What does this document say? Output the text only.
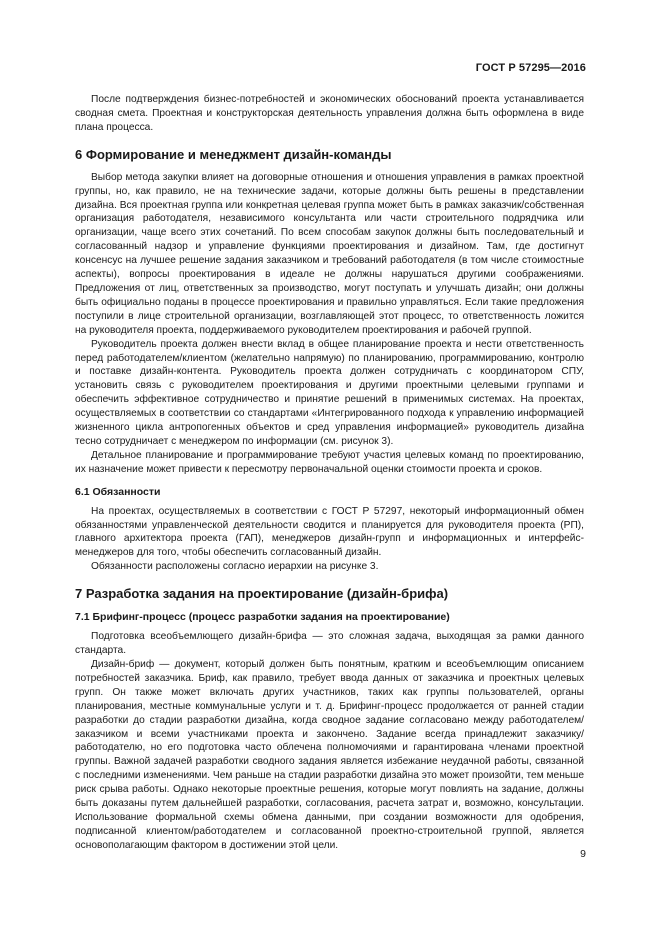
ГОСТ Р 57295—2016

После подтверждения бизнес-потребностей и экономических обоснований проекта устанавливается сводная смета. Проектная и конструкторская деятельность управления должна быть оформлена в виде плана процесса.

6 Формирование и менеджмент дизайн-команды

Выбор метода закупки влияет на договорные отношения и отношения управления в рамках проектной группы, но, как правило, не на технические задачи, которые должны быть решены в представлении дизайна. Вся проектная группа или конкретная целевая группа может быть в рамках заказчик/собственная организация работодателя, независимого консультанта или части строительного подрядчика или организации, чаще всего этих сочетаний. По всем способам закупок должны быть последовательный и согласованный надзор и управление функциями проектирования и дизайном. Там, где достигнут консенсус на лучшее решение задания заказчиком и требований работодателя (в том числе стоимостные аспекты), вопросы проектирования в идеале не должны нарушаться другими соображениями. Предложения от лиц, ответственных за производство, могут поступать и улучшать дизайн; они должны быть официально поданы в процессе проектирования и правильно управляться. Если такие предложения поступили в лице строительной организации, возглавляющей этот процесс, то ответственность ложится на руководителя проекта, поддерживаемого руководителем проектирования и рабочей группой.

Руководитель проекта должен внести вклад в общее планирование проекта и нести ответственность перед работодателем/клиентом (желательно напрямую) по планированию, программированию, контролю и поставке дизайн-контента. Руководитель проекта должен сотрудничать с координатором СПУ, установить связь с руководителем проектирования и другими проектными целевыми группами и обеспечить эффективное сотрудничество и принятие решений в применимых системах. На проектах, осуществляемых в соответствии со стандартами «Интегрированного подхода к управлению информацией жизненного цикла антропогенных объектов и сред управления информацией» руководитель дизайна тесно сотрудничает с менеджером по информации (см. рисунок 3).

Детальное планирование и программирование требуют участия целевых команд по проектированию, их назначение может привести к пересмотру первоначальной оценки стоимости проекта и сроков.

6.1 Обязанности

На проектах, осуществляемых в соответствии с ГОСТ Р 57297, некоторый информационный обмен обязанностями управленческой деятельности сводится и планируется для руководителя проекта (РП), главного архитектора проекта (ГАП), менеджеров дизайн-групп и информационных и интерфейс-менеджеров для того, чтобы обеспечить согласованный дизайн.

Обязанности расположены согласно иерархии на рисунке 3.

7 Разработка задания на проектирование (дизайн-брифа)
7.1 Брифинг-процесс (процесс разработки задания на проектирование)

Подготовка всеобъемлющего дизайн-брифа — это сложная задача, выходящая за рамки данного стандарта.

Дизайн-бриф — документ, который должен быть понятным, кратким и всеобъемлющим описанием потребностей заказчика. Бриф, как правило, требует ввода данных от заказчика и проектных целевых групп. Он также может включать других участников, таких как группы пользователей, органы планирования, местные коммунальные услуги и т. д. Брифинг-процесс продолжается от ранней стадии разработки до стадии разработки дизайна, когда сводное задание согласовано между работодателем/заказчиком и всеми участниками проекта и закончено. Задание всегда принадлежит заказчику/работодателю, но его подготовка часто облечена полномочиями и гарантирована членами проектной группы. Важной задачей разработки сводного задания является избежание неудачной работы, связанной с последними изменениями. Чем раньше на стадии разработки дизайна это может произойти, тем меньше риск срыва работы. Однако некоторые проектные решения, которые могут повлиять на задание, должны быть доказаны путем дальнейшей разработки, согласования, расчета затрат и, возможно, консультации. Использование формальной схемы обмена данными, при создании возможности для одобрения, подписанной клиентом/работодателем и согласованной проектно-строительной группой, является основополагающим фактором в достижении этой цели.

9
